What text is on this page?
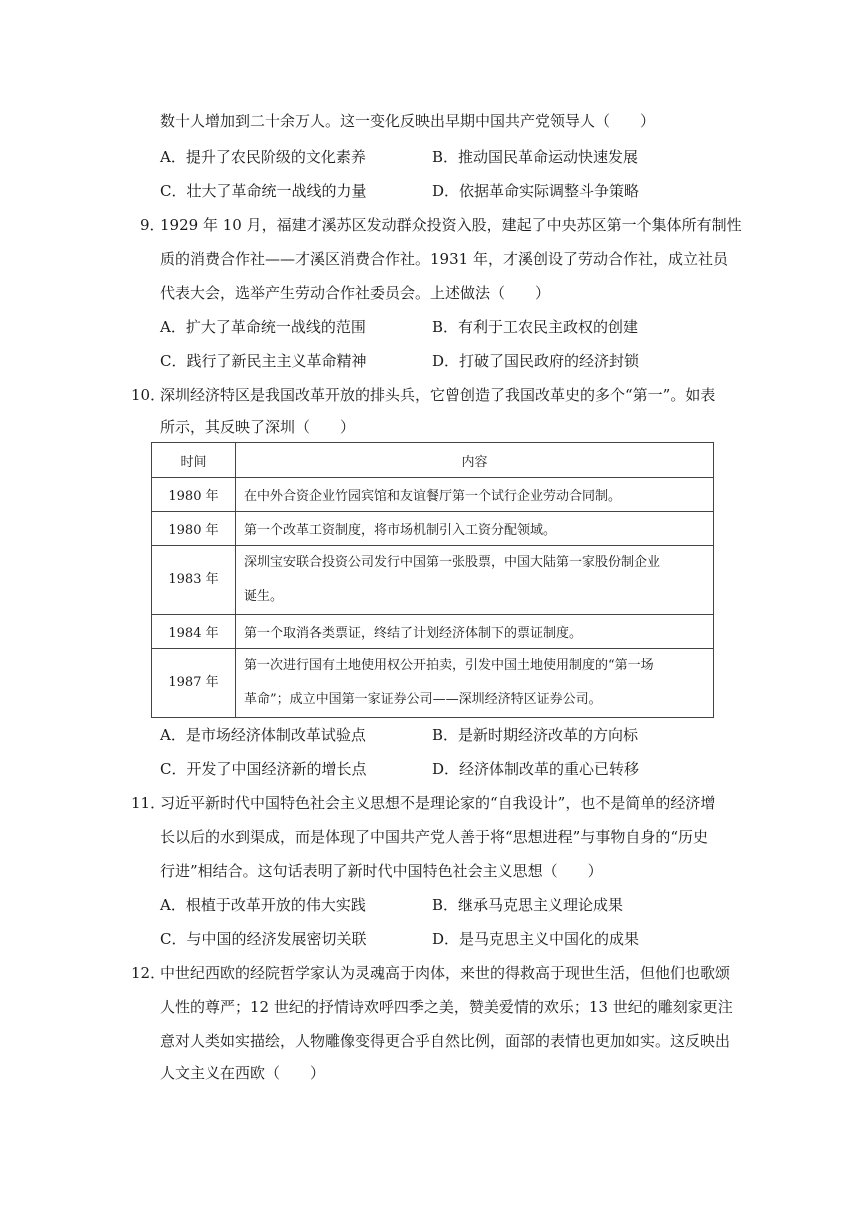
数十人增加到二十余万人。这一变化反映出早期中国共产党领导人（　　）
A．提升了农民阶级的文化素养	B．推动国民革命运动快速发展
C．壮大了革命统一战线的力量	D．依据革命实际调整斗争策略
9．
1929 年 10 月，福建才溪苏区发动群众投资入股，建起了中央苏区第一个集体所有制性
质的消费合作社——才溪区消费合作社。1931 年，才溪创设了劳动合作社，成立社员
代表大会，选举产生劳动合作社委员会。上述做法（　　）
A．扩大了革命统一战线的范围	B．有利于工农民主政权的创建
C．践行了新民主主义革命精神	D．打破了国民政府的经济封锁
10．
深圳经济特区是我国改革开放的排头兵，它曾创造了我国改革史的多个“第一”。如表
所示，其反映了深圳（　　）
时间	内容
1980 年	在中外合资企业竹园宾馆和友谊餐厅第一个试行企业劳动合同制。
1980 年	第一个改革工资制度，将市场机制引入工资分配领域。
1983 年	深圳宝安联合投资公司发行中国第一张股票，中国大陆第一家股份制企业
诞生。

1984 年	第一个取消各类票证，终结了计划经济体制下的票证制度。
1987 年	第一次进行国有土地使用权公开拍卖，引发中国土地使用制度的“第一场
革命”；成立中国第一家证券公司——深圳经济特区证券公司。
A．是市场经济体制改革试验点	B．是新时期经济改革的方向标
C．开发了中国经济新的增长点	D．经济体制改革的重心已转移
11．
习近平新时代中国特色社会主义思想不是理论家的“自我设计”，也不是简单的经济增
长以后的水到渠成，而是体现了中国共产党人善于将“思想进程”与事物自身的“历史
行进”相结合。这句话表明了新时代中国特色社会主义思想（　　）
A．根植于改革开放的伟大实践	B．继承马克思主义理论成果
C．与中国的经济发展密切关联	D．是马克思主义中国化的成果
12．
中世纪西欧的经院哲学家认为灵魂高于肉体，来世的得救高于现世生活，但他们也歌颂
人性的尊严；12 世纪的抒情诗欢呼四季之美，赞美爱情的欢乐；13 世纪的雕刻家更注
意对人类如实描绘，人物雕像变得更合乎自然比例，面部的表情也更加如实。这反映出
人文主义在西欧（　　）
